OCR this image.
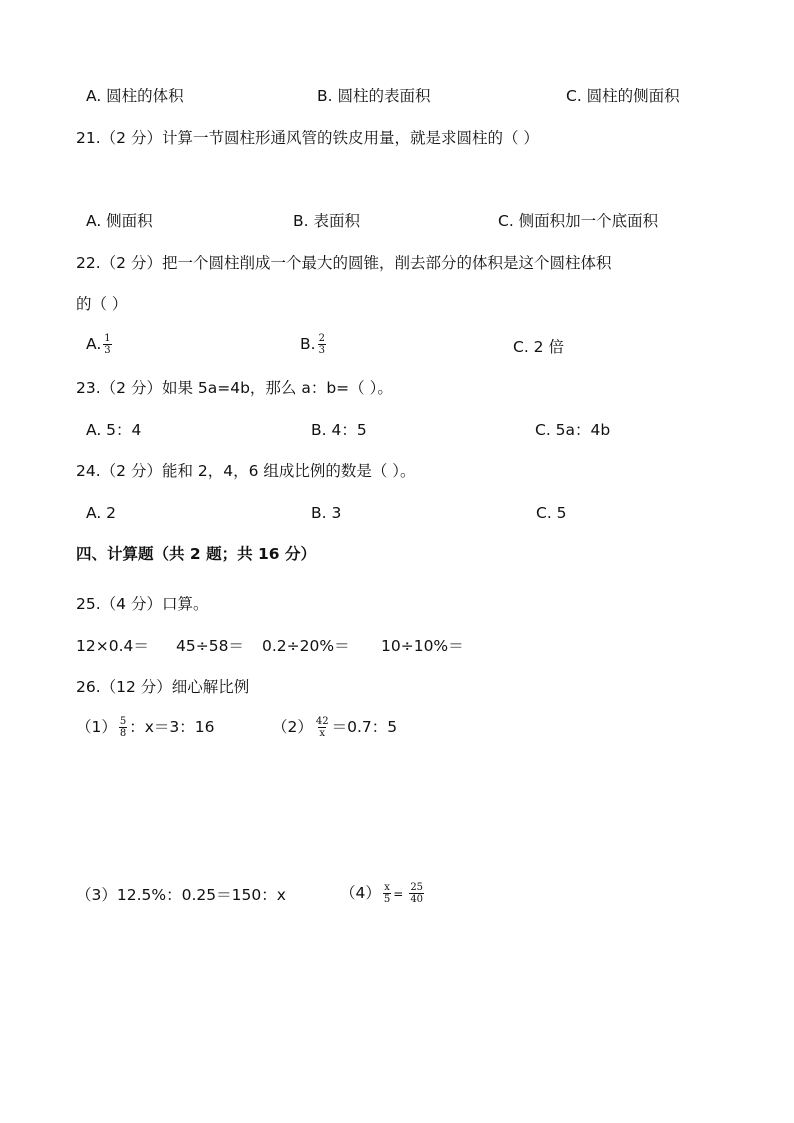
A. 圆柱的体积	B. 圆柱的表面积	C. 圆柱的侧面积
21.（2 分）计算一节圆柱形通风管的铁皮用量，就是求圆柱的（ ）
A. 侧面积	B. 表面积	C. 侧面积加一个底面积
22.（2 分）把一个圆柱削成一个最大的圆锥，削去部分的体积是这个圆柱体积
的（ ）
A. $\frac{1}{3}$	B. $\frac{2}{3}$	C. 2 倍
23.（2 分）如果 5a=4b，那么 a：b=（ ）。
A. 5：4	B. 4：5	C. 5a：4b
24.（2 分）能和 2，4，6 组成比例的数是（ ）。
A. 2	B. 3	C. 5
四、计算题（共 2 题；共 16 分）
25.（4 分）口算。
12×0.4＝ 45÷58＝ 0.2÷20%＝ 10÷10%＝
26.（12 分）细心解比例
$(1) \frac{5}{8}$ ：x＝3：16	$(2) \frac{42}{x} =0.7$：5
（3）12.5%：0.25＝150：x	$(4) \frac{x}{5} = \frac{25}{40}$
